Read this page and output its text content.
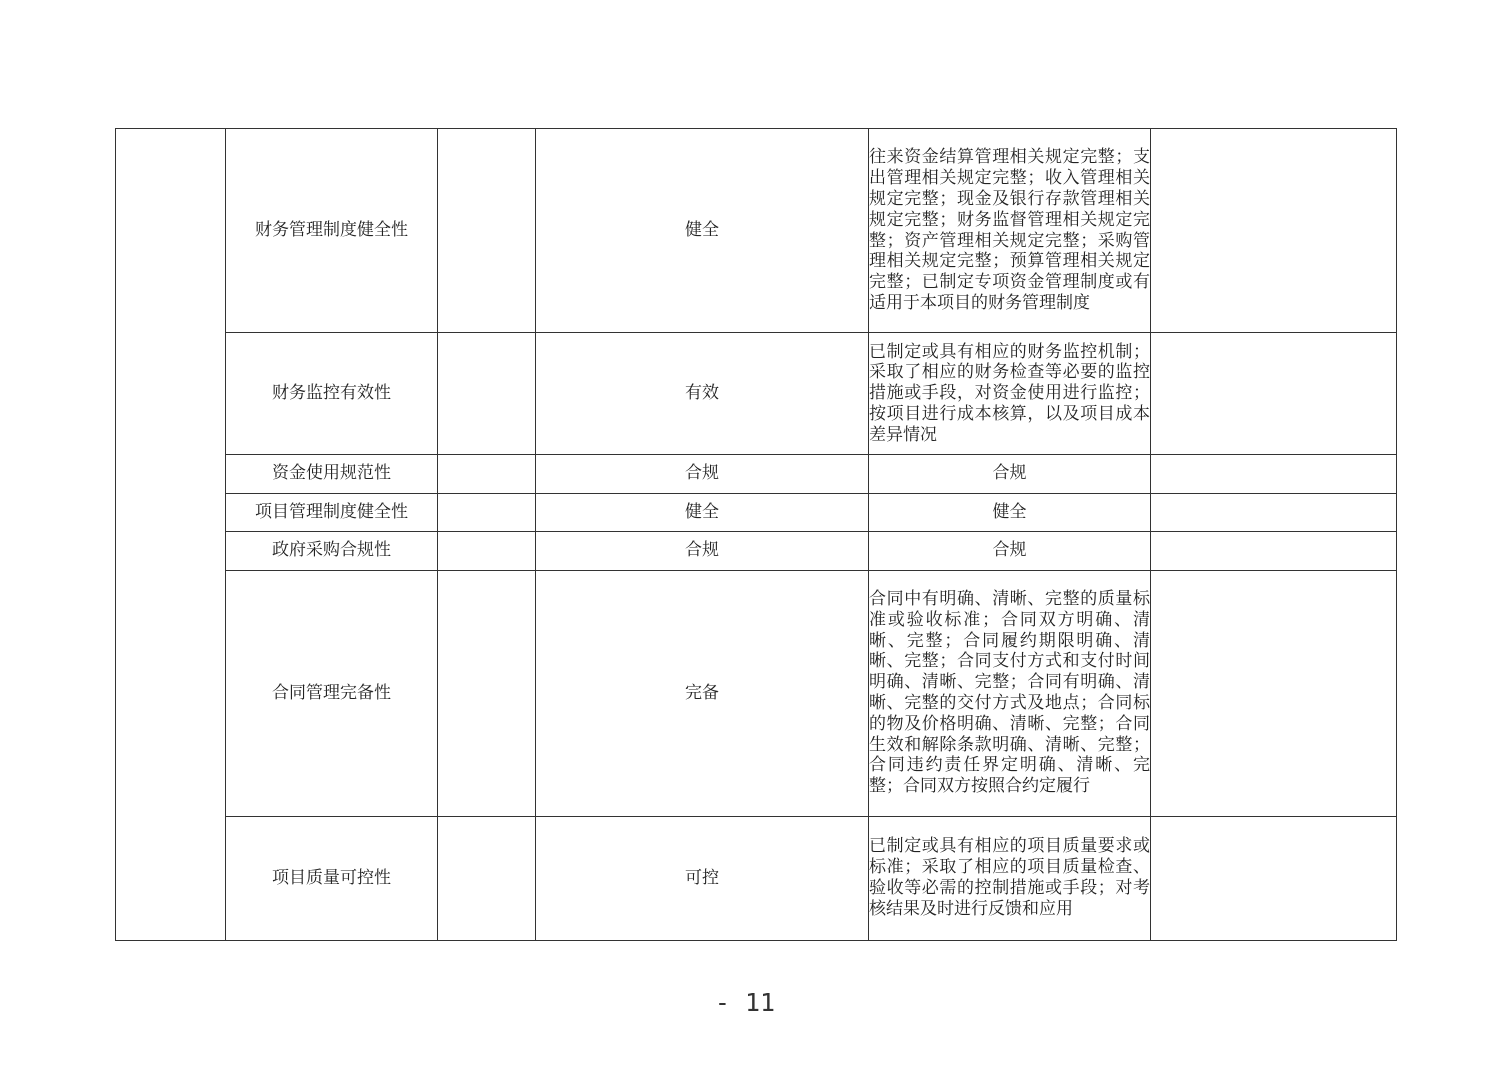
	财务管理制度健全性		健全	往来资金结算管理相关规定完整；支出管理相关规定完整；收入管理相关规定完整；现金及银行存款管理相关规定完整；财务监督管理相关规定完整；资产管理相关规定完整；采购管理相关规定完整；预算管理相关规定完整；已制定专项资金管理制度或有适用于本项目的财务管理制度	
	财务监控有效性		有效	已制定或具有相应的财务监控机制；采取了相应的财务检查等必要的监控措施或手段，对资金使用进行监控；按项目进行成本核算，以及项目成本差异情况	
	资金使用规范性		合规	合规	
	项目管理制度健全性		健全	健全	
	政府采购合规性		合规	合规	
	合同管理完备性		完备	合同中有明确、清晰、完整的质量标准或验收标准；合同双方明确、清晰、完整；合同履约期限明确、清晰、完整；合同支付方式和支付时间明确、清晰、完整；合同有明确、清晰、完整的交付方式及地点；合同标的物及价格明确、清晰、完整；合同生效和解除条款明确、清晰、完整；合同违约责任界定明确、清晰、完整；合同双方按照合约定履行	
	项目质量可控性		可控	已制定或具有相应的项目质量要求或标准；采取了相应的项目质量检查、验收等必需的控制措施或手段；对考核结果及时进行反馈和应用	
- 11
